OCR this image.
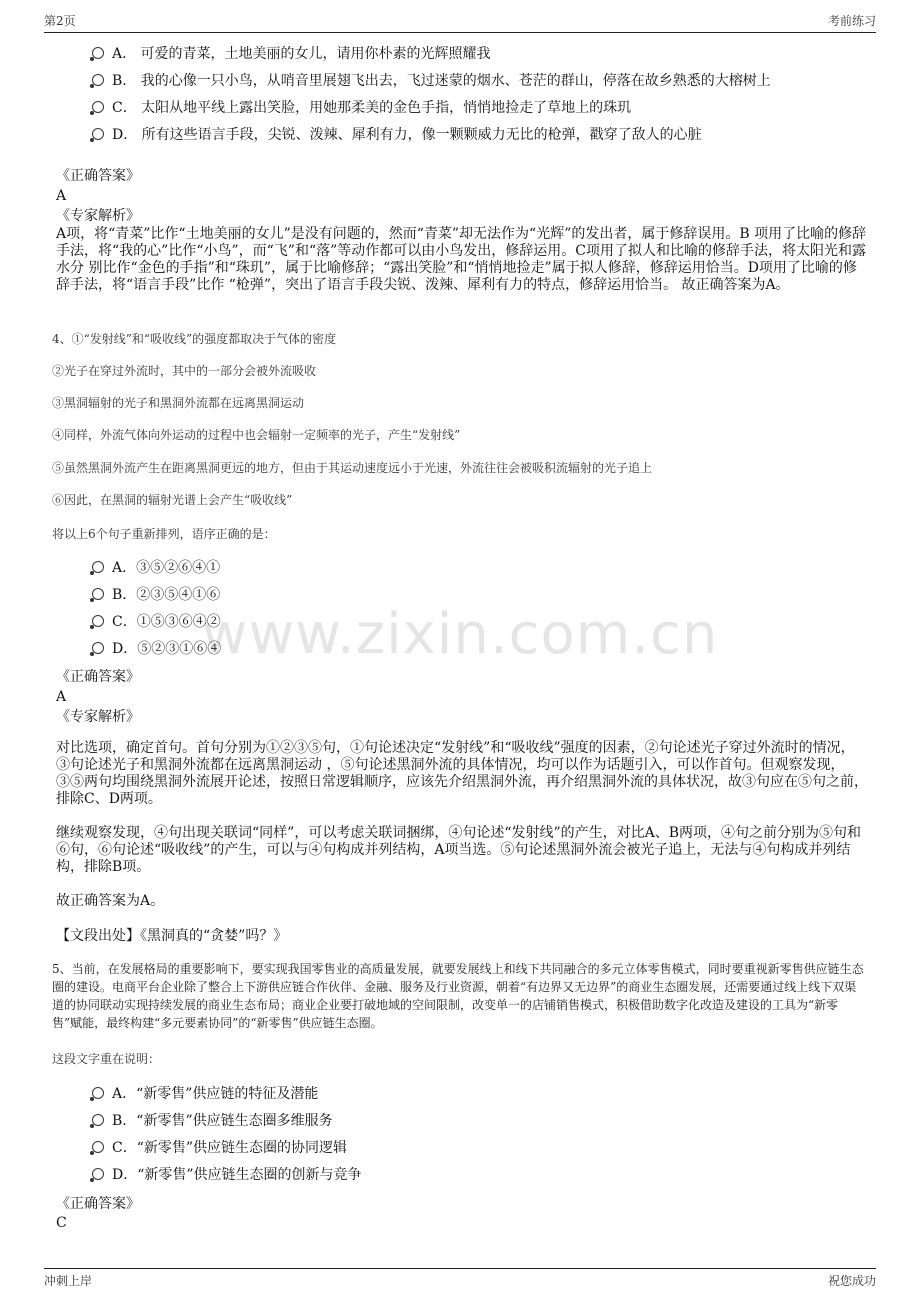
第2页	考前练习
www.zixin.com.cn
A． 可爱的青菜，土地美丽的女儿，请用你朴素的光辉照耀我
B． 我的心像一只小鸟，从哨音里展翅飞出去，飞过迷蒙的烟水、苍茫的群山，停落在故乡熟悉的大榕树上
C． 太阳从地平线上露出笑脸，用她那柔美的金色手指，悄悄地捡走了草地上的珠玑
D． 所有这些语言手段，尖锐、泼辣、犀利有力，像一颗颗威力无比的枪弹，戳穿了敌人的心脏
《正确答案》
A
《专家解析》
A项，将“青菜”比作“土地美丽的女儿”是没有问题的，然而“青菜”却无法作为“光辉”的发出者，属于修辞误用。B 项用了比喻的修辞手法，将“我的心”比作“小鸟”，而“飞”和“落”等动作都可以由小鸟发出，修辞运用。C项用了拟人和比喻的修辞手法，将太阳光和露水分 别比作“金色的手指”和“珠玑”，属于比喻修辞；“露出笑脸”和“悄悄地捡走”属于拟人修辞，修辞运用恰当。D项用了比喻的修辞手法，将“语言手段”比作 “枪弹”，突出了语言手段尖锐、泼辣、犀利有力的特点，修辞运用恰当。 故正确答案为A。
4、①“发射线”和“吸收线”的强度都取决于气体的密度
②光子在穿过外流时，其中的一部分会被外流吸收
③黑洞辐射的光子和黑洞外流都在远离黑洞运动
④同样，外流气体向外运动的过程中也会辐射一定频率的光子，产生“发射线”
⑤虽然黑洞外流产生在距离黑洞更远的地方，但由于其运动速度远小于光速，外流往往会被吸积流辐射的光子追上
⑥因此，在黑洞的辐射光谱上会产生“吸收线”
将以上6个句子重新排列，语序正确的是：
A．③⑤②⑥④①
B．②③⑤④①⑥
C．①⑤③⑥④②
D．⑤②③①⑥④
《正确答案》
A
《专家解析》
对比选项，确定首句。首句分别为①②③⑤句，①句论述决定“发射线”和“吸收线”强度的因素，②句论述光子穿过外流时的情况，③句论述光子和黑洞外流都在远离黑洞运动 ，⑤句论述黑洞外流的具体情况，均可以作为话题引入，可以作首句。但观察发现，③⑤两句均围绕黑洞外流展开论述，按照日常逻辑顺序，应该先介绍黑洞外流，再介绍黑洞外流的具体状况，故③句应在⑤句之前，排除C、D两项。
继续观察发现，④句出现关联词“同样”，可以考虑关联词捆绑，④句论述“发射线”的产生，对比A、B两项，④句之前分别为⑤句和⑥句，⑥句论述“吸收线”的产生，可以与④句构成并列结构，A项当选。⑤句论述黑洞外流会被光子追上，无法与④句构成并列结构，排除B项。
故正确答案为A。
【文段出处】《黑洞真的“贪婪”吗？》
5、当前，在发展格局的重要影响下，要实现我国零售业的高质量发展，就要发展线上和线下共同融合的多元立体零售模式，同时要重视新零售供应链生态圈的建设。电商平台企业除了整合上下游供应链合作伙伴、金融、服务及行业资源，朝着“有边界又无边界”的商业生态圈发展，还需要通过线上线下双渠道的协同联动实现持续发展的商业生态布局；商业企业要打破地域的空间限制，改变单一的店铺销售模式，积极借助数字化改造及建设的工具为“新零售”赋能，最终构建“多元要素协同”的“新零售”供应链生态圈。
这段文字重在说明：
A．“新零售”供应链的特征及潜能
B．“新零售”供应链生态圈多维服务
C．“新零售”供应链生态圈的协同逻辑
D．“新零售”供应链生态圈的创新与竞争
《正确答案》
C
冲刺上岸	祝您成功
